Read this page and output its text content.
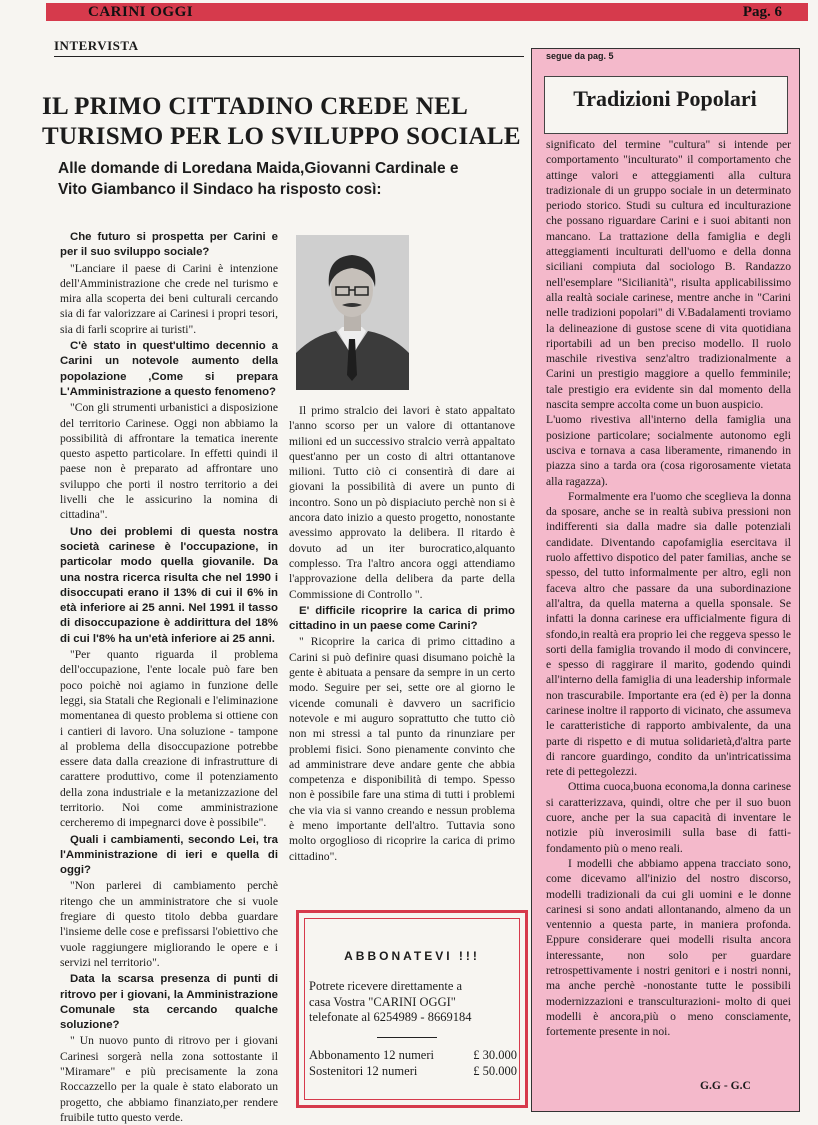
CARINI OGGI	Pag. 6
INTERVISTA
IL PRIMO CITTADINO CREDE NEL
TURISMO PER LO SVILUPPO SOCIALE
Alle domande di Loredana Maida,Giovanni Cardinale e
Vito Giambanco il Sindaco ha risposto così:

Che futuro si prospetta per Carini e per il suo sviluppo sociale?

"Lanciare il paese di Carini è intenzione dell'Amministrazione che crede nel turismo e mira alla scoperta dei beni culturali cercando sia di far valorizzare ai Carinesi i propri tesori, sia di farli scoprire ai turisti".

C'è stato in quest'ultimo decennio a Carini un notevole aumento della popolazione ,Come si prepara L'Amministrazione a questo fenomeno?

"Con gli strumenti urbanistici a disposizione del territorio Carinese. Oggi non abbiamo la possibilità di affrontare la tematica inerente questo aspetto particolare. In effetti quindi il paese non è preparato ad affrontare uno sviluppo che porti il nostro territorio a dei livelli che le assicurino la nomina di cittadina".

Uno dei problemi di questa nostra società carinese è l'occupazione, in particolar modo quella giovanile. Da una nostra ricerca risulta che nel 1990 i disoccupati erano il 13% di cui il 6% in età inferiore ai 25 anni. Nel 1991 il tasso di disoccupazione è addirittura del 18% di cui l'8% ha un'età inferiore ai 25 anni.

"Per quanto riguarda il problema dell'occupazione, l'ente locale può fare ben poco poichè noi agiamo in funzione delle leggi, sia Statali che Regionali e l'eliminazione momentanea di questo problema si ottiene con i cantieri di lavoro. Una soluzione - tampone al problema della disoccupazione potrebbe essere data dalla creazione di infrastrutture di carattere produttivo, come il potenziamento della zona industriale e la metanizzazione del territorio. Noi come amministrazione cercheremo di impegnarci dove è possibile".

Quali i cambiamenti, secondo Lei, tra l'Amministrazione di ieri e quella di oggi?

"Non parlerei di cambiamento perchè ritengo che un amministratore che si vuole fregiare di questo titolo debba guardare l'insieme delle cose e prefissarsi l'obiettivo che vuole raggiungere migliorando le opere e i servizi nel territorio".

Data la scarsa presenza di punti di ritrovo per i giovani, la Amministrazione Comunale sta cercando qualche soluzione?

" Un nuovo punto di ritrovo per i giovani Carinesi sorgerà nella zona sottostante il "Miramare" e più precisamente la zona Roccazzello per la quale è stato elaborato un progetto, che abbiamo finanziato,per rendere fruibile tutto questo verde.

Il primo stralcio dei lavori è stato appaltato l'anno scorso per un valore di ottantanove milioni ed un successivo stralcio verrà appaltato quest'anno per un costo di altri ottantanove milioni. Tutto ciò ci consentirà di dare ai giovani la possibilità di avere un punto di incontro. Sono un pò dispiaciuto perchè non si è ancora dato inizio a questo progetto, nonostante avessimo approvato la delibera. Il ritardo è dovuto ad un iter burocratico,alquanto complesso. Tra l'altro ancora oggi attendiamo l'approvazione della delibera da parte della Commissione di Controllo ".

E' difficile ricoprire la carica di primo cittadino in un paese come Carini?

" Ricoprire la carica di primo cittadino a Carini si può definire quasi disumano poichè la gente è abituata a pensare da sempre in un certo modo. Seguire per sei, sette ore al giorno le vicende comunali è davvero un sacrificio notevole e mi auguro soprattutto che tutto ciò non mi stressi a tal punto da rinunziare per problemi fisici. Sono pienamente convinto che ad amministrare deve andare gente che abbia competenza e disponibilità di tempo. Spesso non è possibile fare una stima di tutti i problemi che via via si vanno creando e nessun problema è meno importante dell'altro. Tuttavia sono molto orgoglioso di ricoprire la carica di primo cittadino".

ABBONATEVI !!!
Potrete ricevere direttamente a
casa Vostra "CARINI OGGI"
telefonate al 6254989 - 8669184
Abbonamento 12 numeri	£ 30.000
Sostenitori 12 numeri	£ 50.000
segue da pag. 5
Tradizioni Popolari

significato del termine "cultura" si intende per comportamento "inculturato" il comportamento che attinge valori e atteggiamenti alla cultura tradizionale di un gruppo sociale in un determinato periodo storico. Studi su cultura ed inculturazione che possano riguardare Carini e i suoi abitanti non mancano. La trattazione della famiglia e degli atteggiamenti inculturati dell'uomo e della donna siciliani compiuta dal sociologo B. Randazzo nell'esemplare "Sicilianità", risulta applicabilissimo alla realtà sociale carinese, mentre anche in "Carini nelle tradizioni popolari" di V.Badalamenti troviamo la delineazione di gustose scene di vita quotidiana riportabili ad un ben preciso modello. Il ruolo maschile rivestiva senz'altro tradizionalmente a Carini un prestigio maggiore a quello femminile; tale prestigio era evidente sin dal momento della nascita sempre accolta come un buon auspicio.

L'uomo rivestiva all'interno della famiglia una posizione particolare; socialmente autonomo egli usciva e tornava a casa liberamente, rimanendo in piazza sino a tarda ora (cosa rigorosamente vietata alla ragazza).

Formalmente era l'uomo che sceglieva la donna da sposare, anche se in realtà subiva pressioni non indifferenti sia dalla madre sia dalle potenziali candidate. Diventando capofamiglia esercitava il ruolo affettivo dispotico del pater familias, anche se spesso, del tutto informalmente per altro, egli non faceva altro che passare da una subordinazione all'altra, da quella materna a quella sponsale. Se infatti la donna carinese era ufficialmente figura di sfondo,in realtà era proprio lei che reggeva spesso le sorti della famiglia trovando il modo di convincere, e spesso di raggirare il marito, godendo quindi all'interno della famiglia di una leadership informale non trascurabile. Importante era (ed è) per la donna carinese inoltre il rapporto di vicinato, che assumeva le caratteristiche di rapporto ambivalente, da una parte di rispetto e di mutua solidarietà,d'altra parte di rancore guardingo, condito da un'intricatissima rete di pettegolezzi.

Ottima cuoca,buona economa,la donna carinese si caratterizzava, quindi, oltre che per il suo buon cuore, anche per la sua capacità di inventare le notizie più inverosimili sulla base di fatti-fondamento più o meno reali.

I modelli che abbiamo appena tracciato sono, come dicevamo all'inizio del nostro discorso, modelli tradizionali da cui gli uomini e le donne carinesi si sono andati allontanando, almeno da un ventennio a questa parte, in maniera profonda. Eppure considerare quei modelli risulta ancora interessante, non solo per guardare retrospettivamente i nostri genitori e i nostri nonni, ma anche perchè -nonostante tutte le possibili modernizzazioni e transculturazioni- molto di quei modelli è ancora,più o meno consciamente, fortemente presente in noi.

G.G - G.C
